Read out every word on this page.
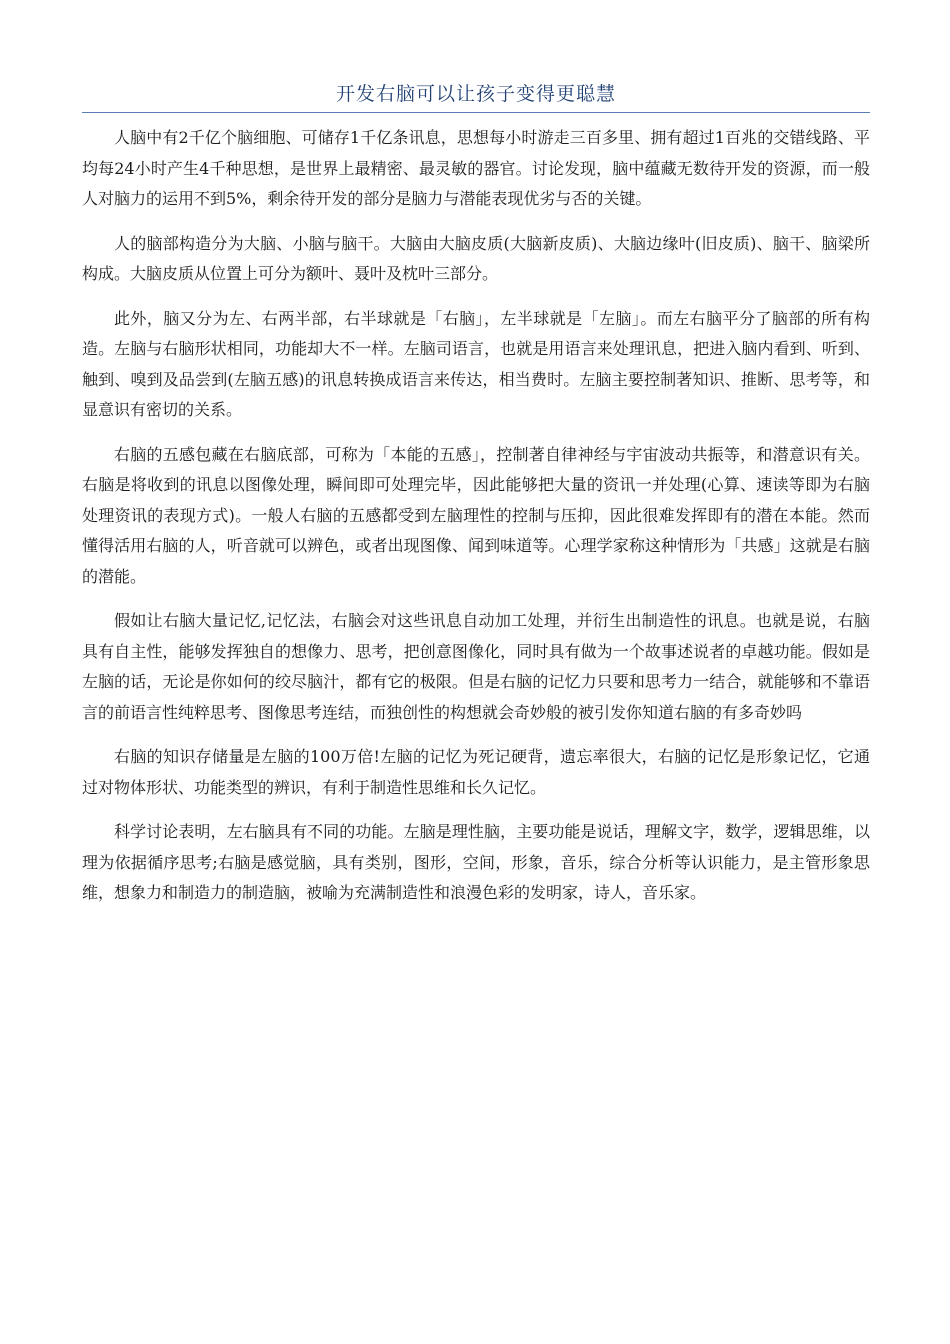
开发右脑可以让孩子变得更聪慧

人脑中有2千亿个脑细胞、可储存1千亿条讯息，思想每小时游走三百多里、拥有超过1百兆的交错线路、平均每24小时产生4千种思想，是世界上最精密、最灵敏的器官。讨论发现，脑中蕴藏无数待开发的资源，而一般人对脑力的运用不到5%，剩余待开发的部分是脑力与潜能表现优劣与否的关键。

人的脑部构造分为大脑、小脑与脑干。大脑由大脑皮质(大脑新皮质)、大脑边缘叶(旧皮质)、脑干、脑梁所构成。大脑皮质从位置上可分为额叶、聂叶及枕叶三部分。

此外，脑又分为左、右两半部，右半球就是「右脑」，左半球就是「左脑」。而左右脑平分了脑部的所有构造。左脑与右脑形状相同，功能却大不一样。左脑司语言，也就是用语言来处理讯息，把进入脑内看到、听到、触到、嗅到及品尝到(左脑五感)的讯息转换成语言来传达，相当费时。左脑主要控制著知识、推断、思考等，和显意识有密切的关系。

右脑的五感包藏在右脑底部，可称为「本能的五感」，控制著自律神经与宇宙波动共振等，和潜意识有关。右脑是将收到的讯息以图像处理，瞬间即可处理完毕，因此能够把大量的资讯一并处理(心算、速读等即为右脑处理资讯的表现方式)。一般人右脑的五感都受到左脑理性的控制与压抑，因此很难发挥即有的潜在本能。然而懂得活用右脑的人，听音就可以辨色，或者出现图像、闻到味道等。心理学家称这种情形为「共感」这就是右脑的潜能。

假如让右脑大量记忆,记忆法，右脑会对这些讯息自动加工处理，并衍生出制造性的讯息。也就是说，右脑具有自主性，能够发挥独自的想像力、思考，把创意图像化，同时具有做为一个故事述说者的卓越功能。假如是左脑的话，无论是你如何的绞尽脑汁，都有它的极限。但是右脑的记忆力只要和思考力一结合，就能够和不靠语言的前语言性纯粹思考、图像思考连结，而独创性的构想就会奇妙般的被引发你知道右脑的有多奇妙吗

右脑的知识存储量是左脑的100万倍!左脑的记忆为死记硬背，遗忘率很大，右脑的记忆是形象记忆，它通过对物体形状、功能类型的辨识，有利于制造性思维和长久记忆。

科学讨论表明，左右脑具有不同的功能。左脑是理性脑，主要功能是说话，理解文字，数学，逻辑思维，以理为依据循序思考;右脑是感觉脑，具有类别，图形，空间，形象，音乐，综合分析等认识能力，是主管形象思维，想象力和制造力的制造脑，被喻为充满制造性和浪漫色彩的发明家，诗人，音乐家。
